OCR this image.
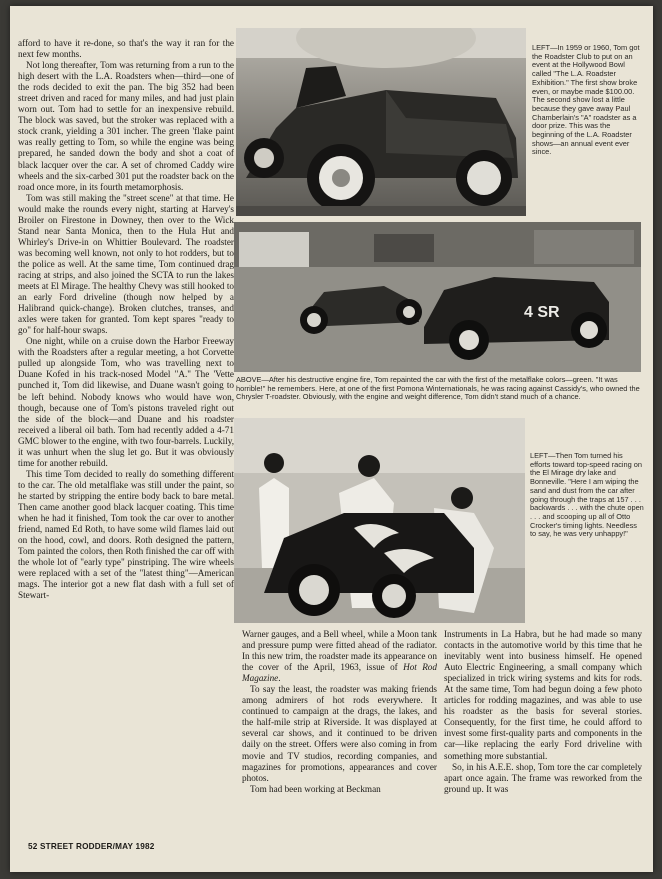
afford to have it re-done, so that's the way it ran for the next few months.

Not long thereafter, Tom was returning from a run to the high desert with the L.A. Roadsters when—third—one of the rods decided to exit the pan. The big 352 had been street driven and raced for many miles, and had just plain worn out. Tom had to settle for an inexpensive rebuild. The block was saved, but the stroker was replaced with a stock crank, yielding a 301 incher. The green 'flake paint was really getting to Tom, so while the engine was being prepared, he sanded down the body and shot a coat of black lacquer over the car. A set of chromed Caddy wire wheels and the six-carbed 301 put the roadster back on the road once more, in its fourth metamorphosis.

Tom was still making the "street scene" at that time. He would make the rounds every night, starting at Harvey's Broiler on Firestone in Downey, then over to the Wick Stand near Santa Monica, then to the Hula Hut and Whirley's Drive-in on Whittier Boulevard. The roadster was becoming well known, not only to hot rodders, but to the police as well. At the same time, Tom continued drag racing at strips, and also joined the SCTA to run the lakes meets at El Mirage. The healthy Chevy was still hooked to an early Ford driveline (though now helped by a Halibrand quick-change). Broken clutches, transes, and axles were taken for granted. Tom kept spares "ready to go" for half-hour swaps.

One night, while on a cruise down the Harbor Freeway with the Roadsters after a regular meeting, a hot Corvette pulled up alongside Tom, who was travelling next to Duane Kofed in his track-nosed Model "A." The 'Vette punched it, Tom did likewise, and Duane wasn't going to be left behind. Nobody knows who would have won, though, because one of Tom's pistons traveled right out the side of the block—and Duane and his roadster received a liberal oil bath. Tom had recently added a 4-71 GMC blower to the engine, with two four-barrels. Luckily, it was unhurt when the slug let go. But it was obviously time for another rebuild.

This time Tom decided to really do something different to the car. The old metalflake was still under the paint, so he started by stripping the entire body back to bare metal. Then came another good black lacquer coating. This time when he had it finished, Tom took the car over to another friend, named Ed Roth, to have some wild flames laid out on the hood, cowl, and doors. Roth designed the pattern, Tom painted the colors, then Roth finished the car off with the whole lot of "early type" pinstriping. The wire wheels were replaced with a set of the "latest thing"—American mags. The interior got a new flat dash with a full set of Stewart-

LEFT—In 1959 or 1960, Tom got the Roadster Club to put on an event at the Hollywood Bowl called "The L.A. Roadster Exhibition." The first show broke even, or maybe made $100.00. The second show lost a little because they gave away Paul Chamberlain's "A" roadster as a door prize. This was the beginning of the L.A. Roadster shows—an annual event ever since.

4 SR

ABOVE—After his destructive engine fire, Tom repainted the car with the first of the metalflake colors—green. "It was horrible!" he remembers. Here, at one of the first Pomona Winternationals, he was racing against Cassidy's, who owned the Chrysler T-roadster. Obviously, with the engine and weight difference, Tom didn't stand much of a chance.

LEFT—Then Tom turned his efforts toward top-speed racing on the El Mirage dry lake and Bonneville. "Here I am wiping the sand and dust from the car after going through the traps at 157 . . . backwards . . . with the chute open . . . and scooping up all of Otto Crocker's timing lights. Needless to say, he was very unhappy!"

Warner gauges, and a Bell wheel, while a Moon tank and pressure pump were fitted ahead of the radiator. In this new trim, the roadster made its appearance on the cover of the April, 1963, issue of Hot Rod Magazine.

To say the least, the roadster was making friends among admirers of hot rods everywhere. It continued to campaign at the drags, the lakes, and the half-mile strip at Riverside. It was displayed at several car shows, and it continued to be driven daily on the street. Offers were also coming in from movie and TV studios, recording companies, and magazines for promotions, appearances and cover photos.

Tom had been working at Beckman

Instruments in La Habra, but he had made so many contacts in the automotive world by this time that he inevitably went into business himself. He opened Auto Electric Engineering, a small company which specialized in trick wiring systems and kits for rods. At the same time, Tom had begun doing a few photo articles for rodding magazines, and was able to use his roadster as the basis for several stories. Consequently, for the first time, he could afford to invest some first-quality parts and components in the car—like replacing the early Ford driveline with something more substantial.

So, in his A.E.E. shop, Tom tore the car completely apart once again. The frame was reworked from the ground up. It was

52 STREET RODDER/MAY 1982
